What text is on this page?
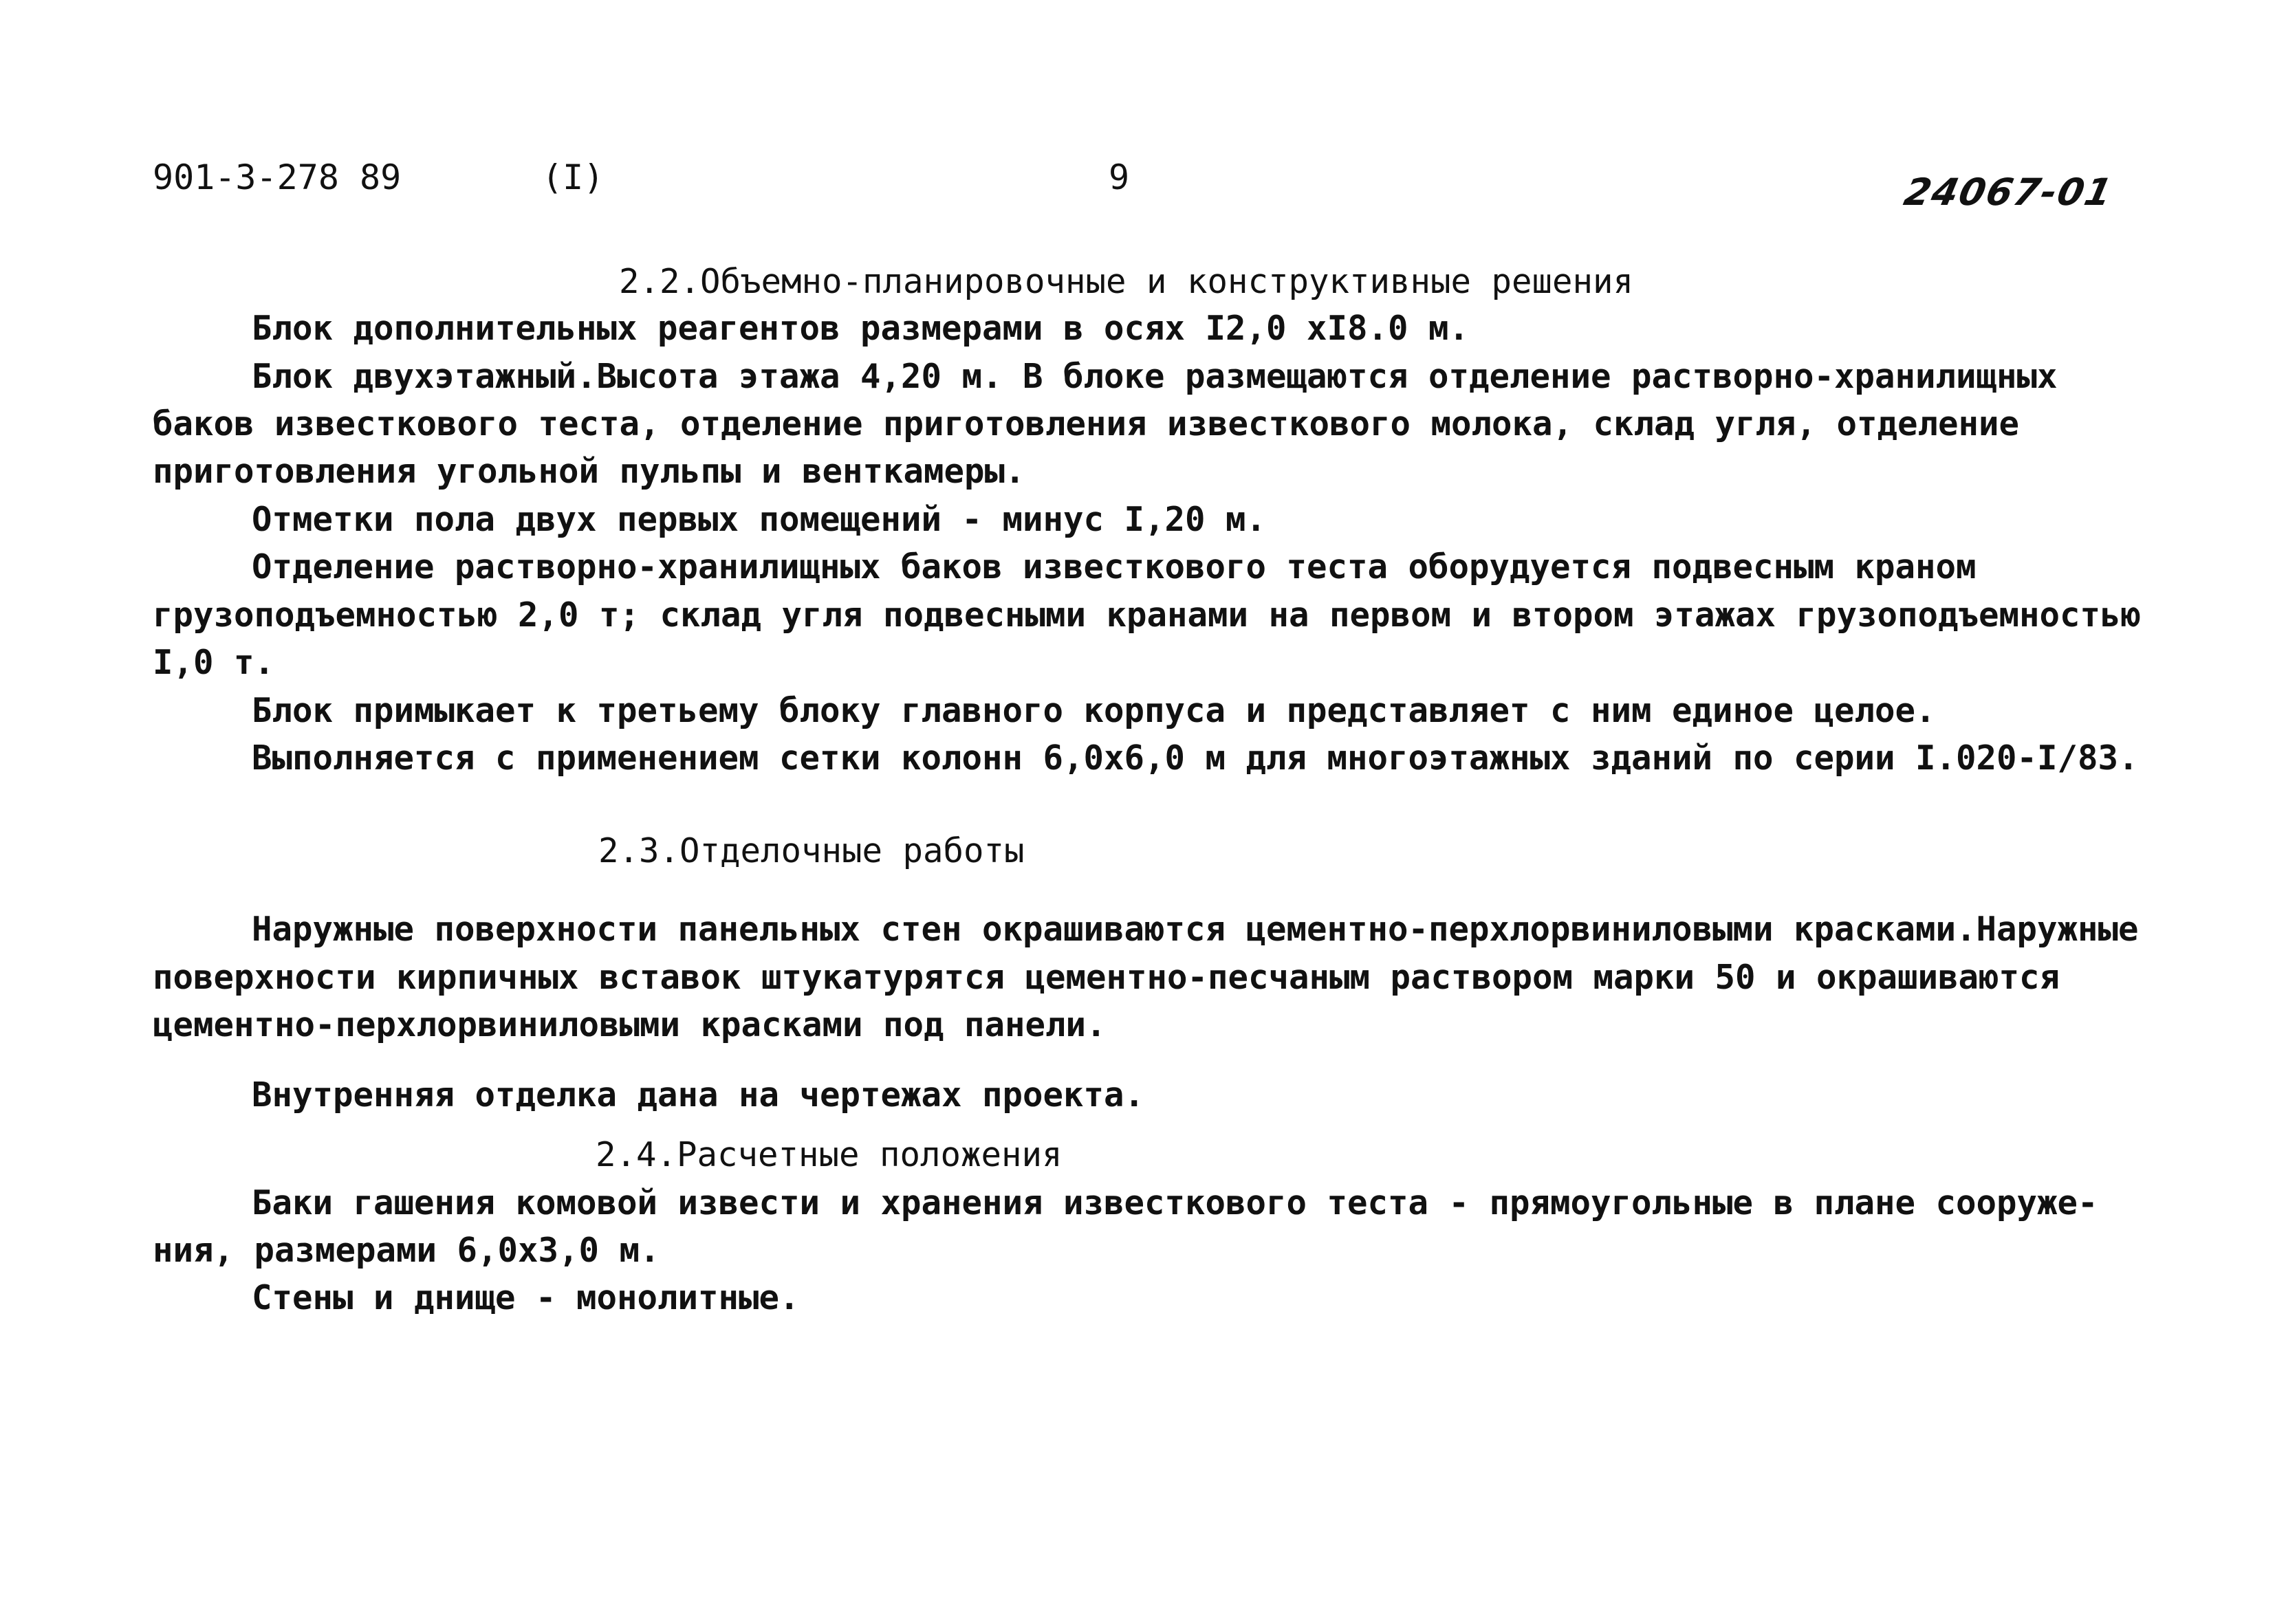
901-3-278 89	(I)	9	24067-01
2.2.Объемно-планировочные и конструктивные решения
Блок дополнительных реагентов размерами в осях I2,0 xI8.0 м.
Блок двухэтажный.Высота этажа 4,20 м. В блоке размещаются отделение растворно-хранилищных
баков известкового теста, отделение приготовления известкового молока, склад угля, отделение
приготовления угольной пульпы и венткамеры.
Отметки пола двух первых помещений - минус I,20 м.
Отделение растворно-хранилищных баков известкового теста оборудуется подвесным краном
грузоподъемностью 2,0 т; склад угля подвесными кранами на первом и втором этажах грузоподъемностью
I,0 т.
Блок примыкает к третьему блоку главного корпуса и представляет с ним единое целое.
Выполняется с применением сетки колонн 6,0x6,0 м для многоэтажных зданий по серии I.020-I/83.
2.3.Отделочные работы
Наружные поверхности панельных стен окрашиваются цементно-перхлорвиниловыми красками.Наружные
поверхности кирпичных вставок штукатурятся цементно-песчаным раствором марки 50 и окрашиваются
цементно-перхлорвиниловыми красками под панели.
Внутренняя отделка дана на чертежах проекта.
2.4.Расчетные положения
Баки гашения комовой извести и хранения известкового теста - прямоугольные в плане сооруже-
ния, размерами 6,0x3,0 м.
Стены и днище - монолитные.
